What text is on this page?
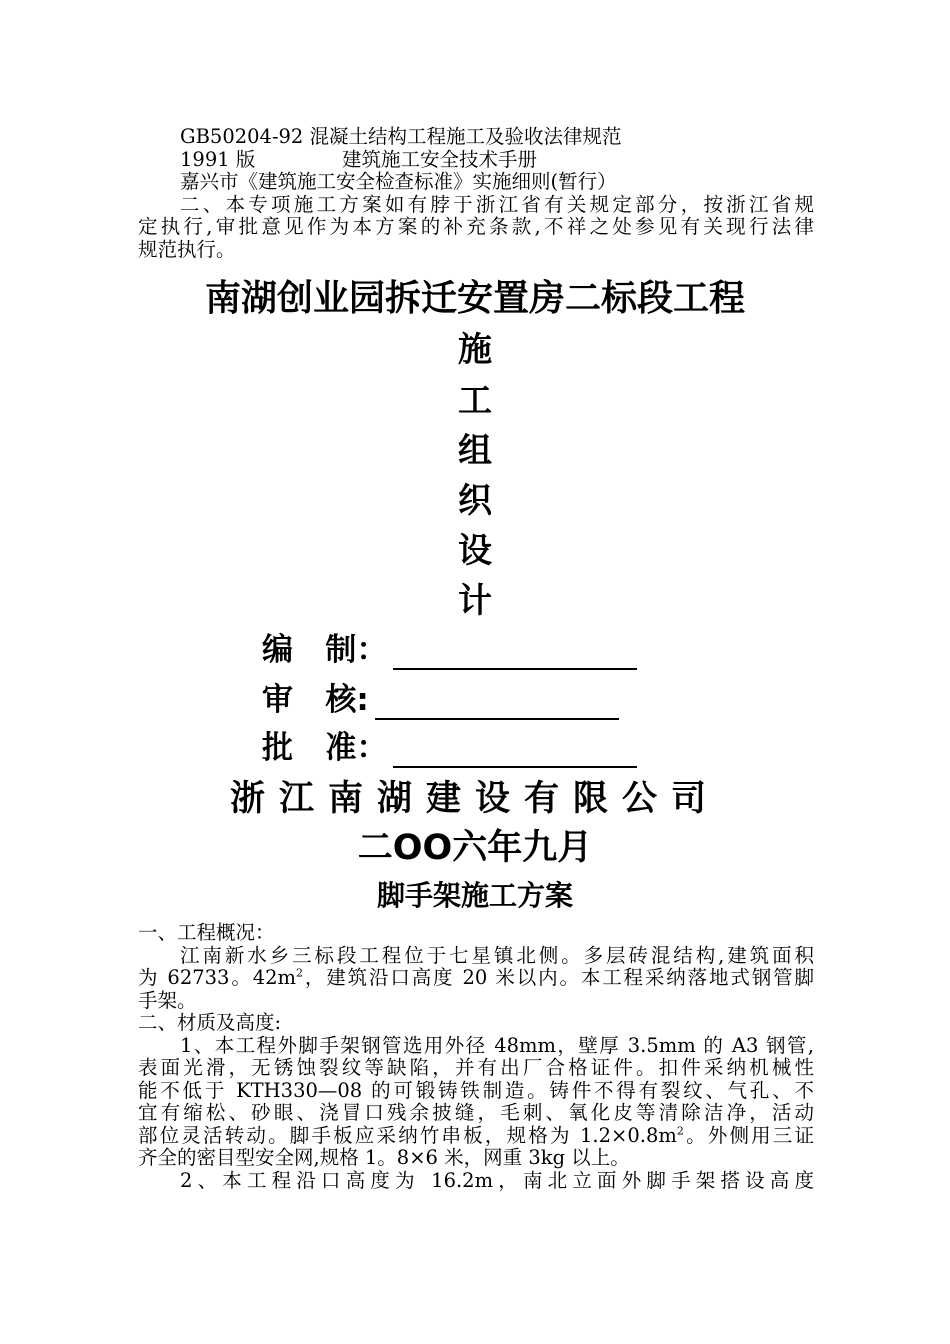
GB50204-92 混凝土结构工程施工及验收法律规范
1991 版	建筑施工安全技术手册
嘉兴市《建筑施工安全检查标准》实施细则(暂行）
二、本专项施工方案如有脖于浙江省有关规定部分，按浙江省规
定执行,审批意见作为本方案的补充条款,不祥之处参见有关现行法律
规范执行。
南湖创业园拆迁安置房二标段工程
施
工
组
织
设
计
编   制：
审   核:
批   准：
浙江南湖建设有限公司
二OO六年九月
脚手架施工方案
一、工程概况：
江南新水乡三标段工程位于七星镇北侧。多层砖混结构,建筑面积
为 62733。$42m^2$，建筑沿口高度 20 米以内。本工程采纳落地式钢管脚
手架。
二、材质及高度:
1、本工程外脚手架钢管选用外径 48mm，壁厚 3.5mm 的 A3 钢管,
表面光滑，无锈蚀裂纹等缺陷，并有出厂合格证件。扣件采纳机械性
能不低于 KTH330—08 的可锻铸铁制造。铸件不得有裂纹、气孔、不
宜有缩松、砂眼、浇冒口残余披缝，毛刺、氧化皮等清除洁净，活动
部位灵活转动。脚手板应采纳竹串板，规格为 $1.2\times 0.8m^2$。外侧用三证
齐全的密目型安全网,规格 1。8×6 米，网重 3kg 以上。
2、本工程沿口高度为 16.2m，南北立面外脚手架搭设高度
